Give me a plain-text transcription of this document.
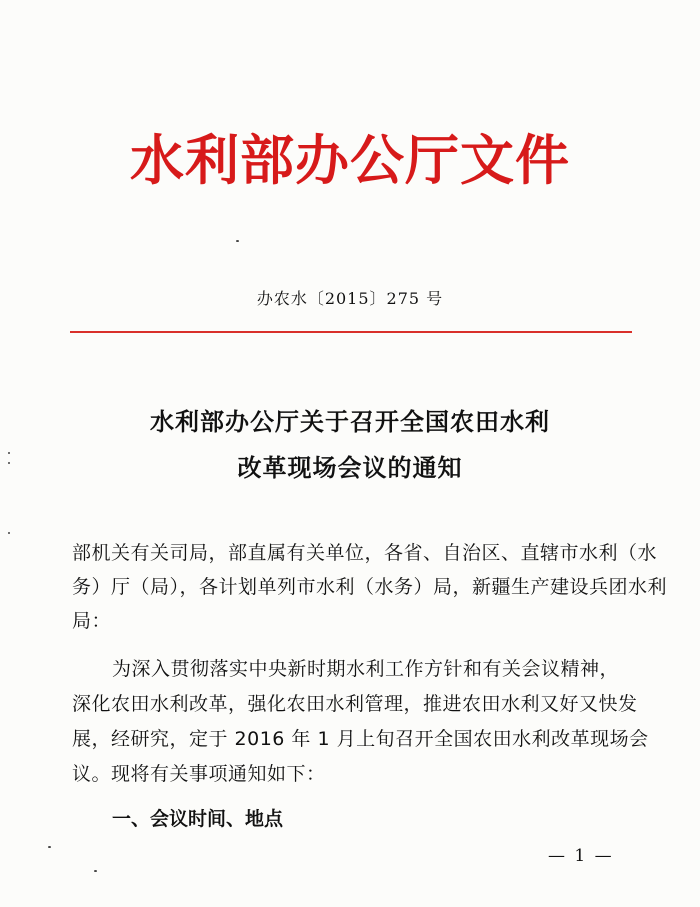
水利部办公厅文件
办农水〔2015〕275 号
水利部办公厅关于召开全国农田水利
改革现场会议的通知
部机关有关司局，部直属有关单位，各省、自治区、直辖市水利（水
务）厅（局），各计划单列市水利（水务）局，新疆生产建设兵团水利
局：
为深入贯彻落实中央新时期水利工作方针和有关会议精神，
深化农田水利改革，强化农田水利管理，推进农田水利又好又快发
展，经研究，定于 2016 年 1 月上旬召开全国农田水利改革现场会
议。现将有关事项通知如下：
一、会议时间、地点
— 1 —
